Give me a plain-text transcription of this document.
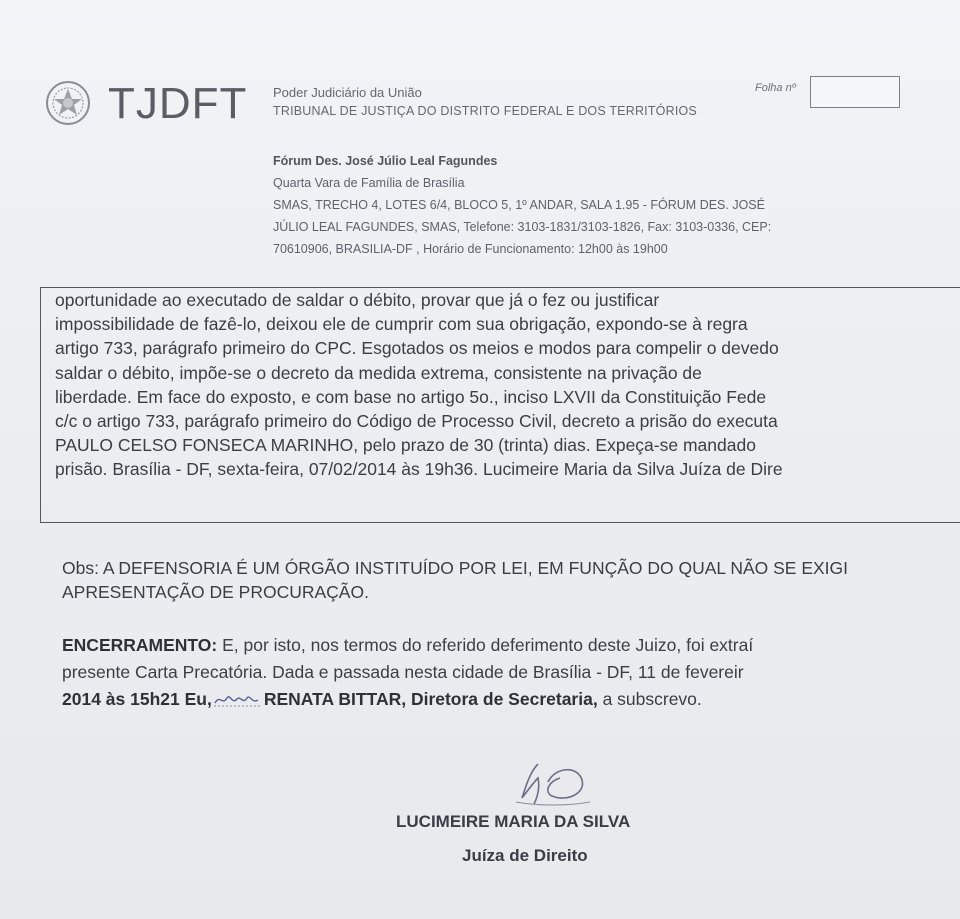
TJDFT Poder Judiciário da União
TRIBUNAL DE JUSTIÇA DO DISTRITO FEDERAL E DOS TERRITÓRIOS
Folha nº
Fórum Des. José Júlio Leal Fagundes
Quarta Vara de Família de Brasília
SMAS, TRECHO 4, LOTES 6/4, BLOCO 5, 1º ANDAR, SALA 1.95 - FÓRUM DES. JOSÉ
JÚLIO LEAL FAGUNDES, SMAS, Telefone: 3103-1831/3103-1826, Fax: 3103-0336, CEP:
70610906, BRASILIA-DF , Horário de Funcionamento: 12h00 às 19h00
oportunidade ao executado de saldar o débito, provar que já o fez ou justificar
impossibilidade de fazê-lo, deixou ele de cumprir com sua obrigação, expondo-se à regra
artigo 733, parágrafo primeiro do CPC. Esgotados os meios e modos para compelir o devedo
saldar o débito, impõe-se o decreto da medida extrema, consistente na privação de
liberdade. Em face do exposto, e com base no artigo 5o., inciso LXVII da Constituição Fede
c/c o artigo 733, parágrafo primeiro do Código de Processo Civil, decreto a prisão do executa
PAULO CELSO FONSECA MARINHO, pelo prazo de 30 (trinta) dias. Expeça-se mandado
prisão. Brasília - DF, sexta-feira, 07/02/2014 às 19h36. Lucimeire Maria da Silva Juíza de Dire
Obs: A DEFENSORIA É UM ÓRGÃO INSTITUÍDO POR LEI, EM FUNÇÃO DO QUAL NÃO SE EXIGI
APRESENTAÇÃO DE PROCURAÇÃO.
ENCERRAMENTO: E, por isto, nos termos do referido deferimento deste Juizo, foi extraí
presente Carta Precatória. Dada e passada nesta cidade de Brasília - DF, 11 de fevereir
2014 às 15h21 Eu,	RENATA BITTAR, Diretora de Secretaria, a subscrevo.
LUCIMEIRE MARIA DA SILVA
Juíza de Direito
